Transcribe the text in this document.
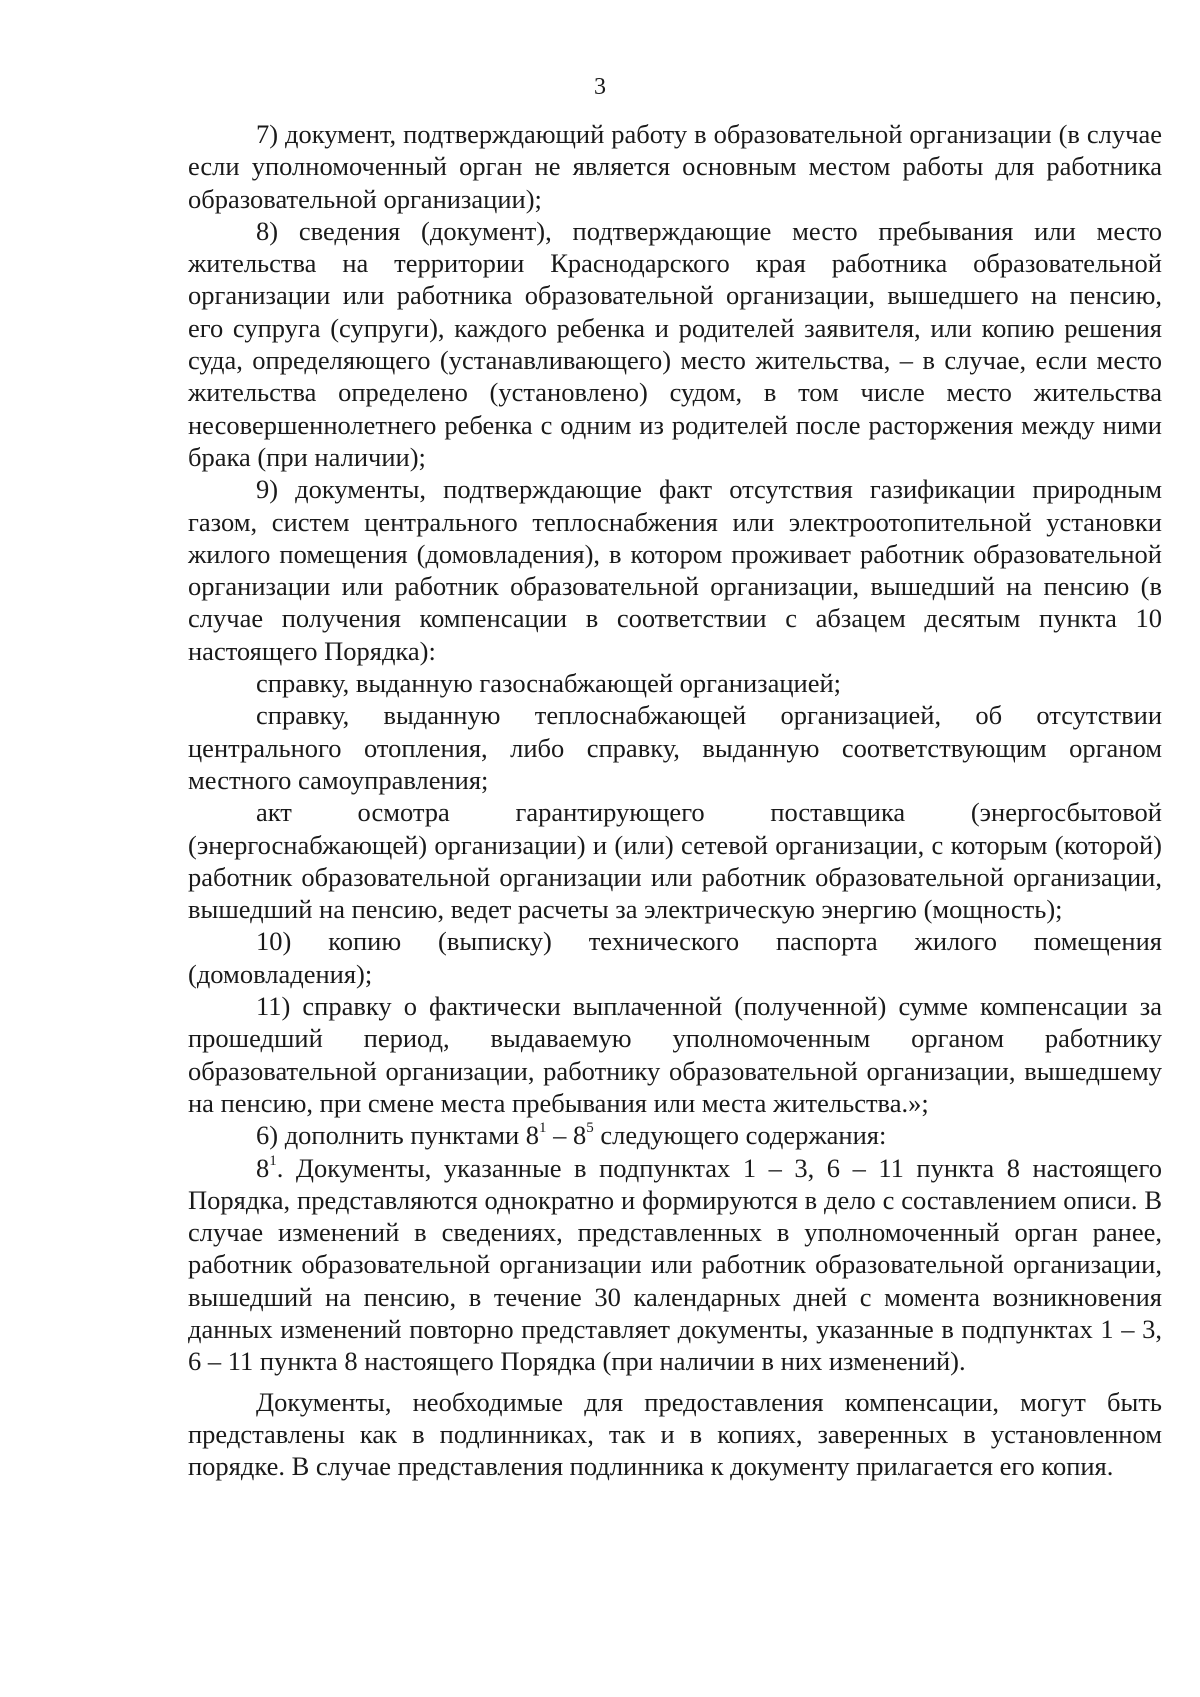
3

7) документ, подтверждающий работу в образовательной организации (в случае если уполномоченный орган не является основным местом работы для работника образовательной организации);

8) сведения (документ), подтверждающие место пребывания или место жительства на территории Краснодарского края работника образовательной организации или работника образовательной организации, вышедшего на пенсию, его супруга (супруги), каждого ребенка и родителей заявителя, или копию решения суда, определяющего (устанавливающего) место жительства, – в случае, если место жительства определено (установлено) судом, в том числе место жительства несовершеннолетнего ребенка с одним из родителей после расторжения между ними брака (при наличии);

9) документы, подтверждающие факт отсутствия газификации природным газом, систем центрального теплоснабжения или электроотопительной установки жилого помещения (домовладения), в котором проживает работник образовательной организации или работник образовательной организации, вышедший на пенсию (в случае получения компенсации в соответствии с абзацем десятым пункта 10 настоящего Порядка):

справку, выданную газоснабжающей организацией;

справку, выданную теплоснабжающей организацией, об отсутствии центрального отопления, либо справку, выданную соответствующим органом местного самоуправления;

акт осмотра гарантирующего поставщика (энергосбытовой (энергоснабжающей) организации) и (или) сетевой организации, с которым (которой) работник образовательной организации или работник образовательной организации, вышедший на пенсию, ведет расчеты за электрическую энергию (мощность);

10) копию (выписку) технического паспорта жилого помещения (домовладения);

11) справку о фактически выплаченной (полученной) сумме компенсации за прошедший период, выдаваемую уполномоченным органом работнику образовательной организации, работнику образовательной организации, вышедшему на пенсию, при смене места пребывания или места жительства.»;

6) дополнить пунктами $8^1 - 8^5$ следующего содержания:

$8^1$. Документы, указанные в подпунктах 1 – 3, 6 – 11 пункта 8 настоящего Порядка, представляются однократно и формируются в дело с составлением описи. В случае изменений в сведениях, представленных в уполномоченный орган ранее, работник образовательной организации или работник образовательной организации, вышедший на пенсию, в течение 30 календарных дней с момента возникновения данных изменений повторно представляет документы, указанные в подпунктах 1 – 3, 6 – 11 пункта 8 настоящего Порядка (при наличии в них изменений).

Документы, необходимые для предоставления компенсации, могут быть представлены как в подлинниках, так и в копиях, заверенных в установленном порядке. В случае представления подлинника к документу прилагается его копия.
